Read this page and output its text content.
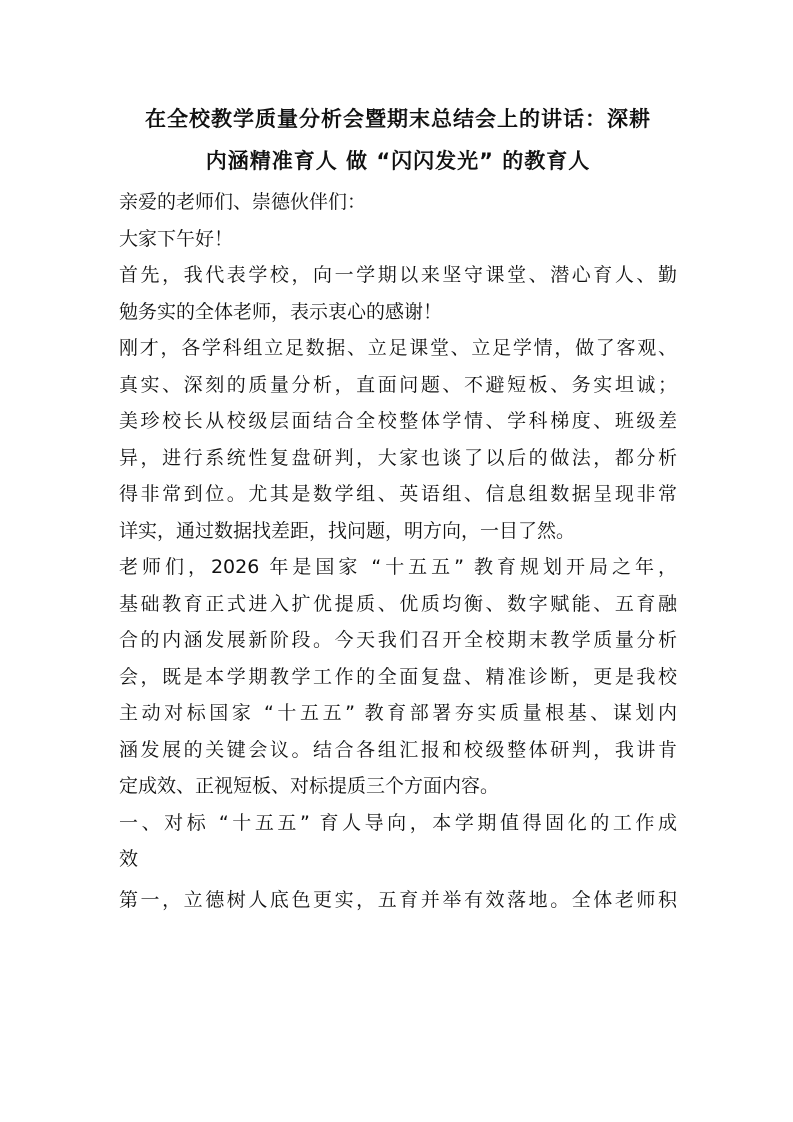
在全校教学质量分析会暨期末总结会上的讲话：深耕
内涵精准育人 做 “闪闪发光” 的教育人
亲爱的老师们、崇德伙伴们：
大家下午好！
首先，我代表学校，向一学期以来坚守课堂、潜心育人、勤
勉务实的全体老师，表示衷心的感谢！
刚才，各学科组立足数据、立足课堂、立足学情，做了客观、
真实、深刻的质量分析，直面问题、不避短板、务实坦诚；
美珍校长从校级层面结合全校整体学情、学科梯度、班级差
异，进行系统性复盘研判，大家也谈了以后的做法，都分析
得非常到位。尤其是数学组、英语组、信息组数据呈现非常
详实，通过数据找差距，找问题，明方向，一目了然。
老师们，2026 年是国家 “十五五” 教育规划开局之年，
基础教育正式进入扩优提质、优质均衡、数字赋能、五育融
合的内涵发展新阶段。今天我们召开全校期末教学质量分析
会，既是本学期教学工作的全面复盘、精准诊断，更是我校
主动对标国家 “十五五” 教育部署夯实质量根基、谋划内
涵发展的关键会议。结合各组汇报和校级整体研判，我讲肯
定成效、正视短板、对标提质三个方面内容。
一、对标 “十五五” 育人导向，本学期值得固化的工作成
效
第一，立德树人底色更实，五育并举有效落地。全体老师积
